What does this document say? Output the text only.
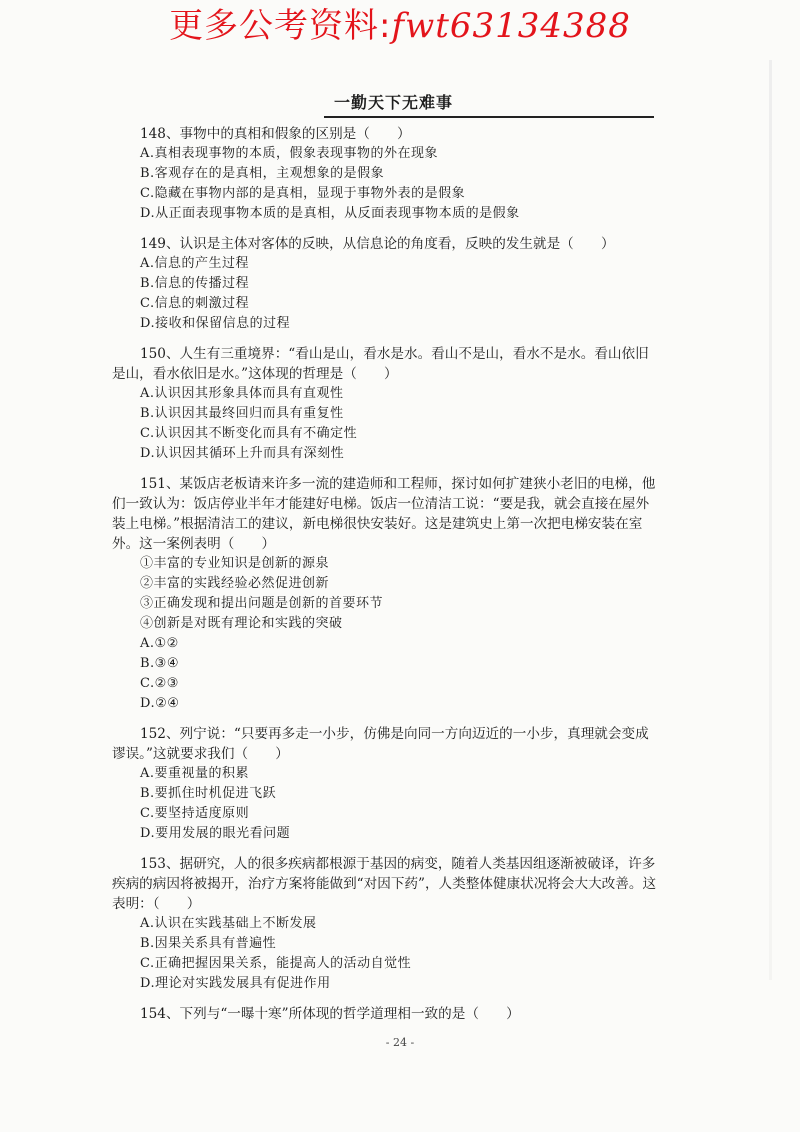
更多公考资料:fwt63134388
一勤天下无难事

148、事物中的真相和假象的区别是（　　）

A.真相表现事物的本质，假象表现事物的外在现象

B.客观存在的是真相，主观想象的是假象

C.隐藏在事物内部的是真相，显现于事物外表的是假象

D.从正面表现事物本质的是真相，从反面表现事物本质的是假象

149、认识是主体对客体的反映，从信息论的角度看，反映的发生就是（　　）

A.信息的产生过程

B.信息的传播过程

C.信息的刺激过程

D.接收和保留信息的过程

150、人生有三重境界：“看山是山，看水是水。看山不是山，看水不是水。看山依旧是山，看水依旧是水。”这体现的哲理是（　　）

A.认识因其形象具体而具有直观性

B.认识因其最终回归而具有重复性

C.认识因其不断变化而具有不确定性

D.认识因其循环上升而具有深刻性

151、某饭店老板请来许多一流的建造师和工程师，探讨如何扩建狭小老旧的电梯，他们一致认为：饭店停业半年才能建好电梯。饭店一位清洁工说：“要是我，就会直接在屋外装上电梯。”根据清洁工的建议，新电梯很快安装好。这是建筑史上第一次把电梯安装在室外。这一案例表明（　　）

①丰富的专业知识是创新的源泉

②丰富的实践经验必然促进创新

③正确发现和提出问题是创新的首要环节

④创新是对既有理论和实践的突破

A.①②

B.③④

C.②③

D.②④

152、列宁说：“只要再多走一小步，仿佛是向同一方向迈近的一小步，真理就会变成谬误。”这就要求我们（　　）

A.要重视量的积累

B.要抓住时机促进飞跃

C.要坚持适度原则

D.要用发展的眼光看问题

153、据研究，人的很多疾病都根源于基因的病变，随着人类基因组逐渐被破译，许多疾病的病因将被揭开，治疗方案将能做到“对因下药”，人类整体健康状况将会大大改善。这表明：（　　）

A.认识在实践基础上不断发展

B.因果关系具有普遍性

C.正确把握因果关系，能提高人的活动自觉性

D.理论对实践发展具有促进作用

154、下列与“一曝十寒”所体现的哲学道理相一致的是（　　）

- 24 -
